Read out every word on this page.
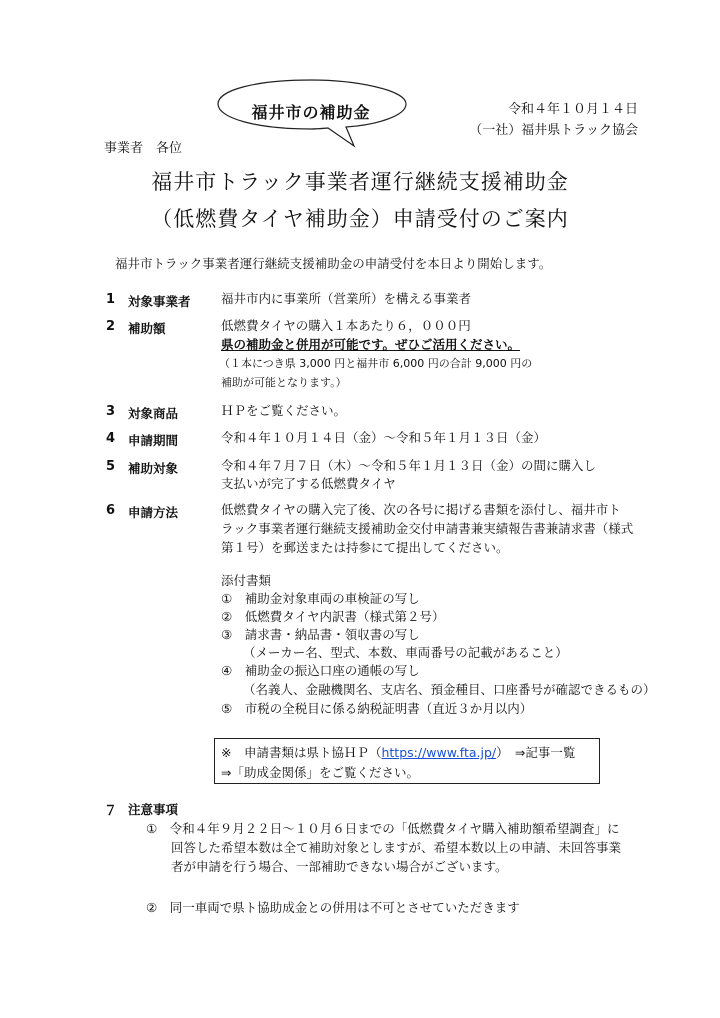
福井市の補助金	令和４年１０月１４日
（一社）福井県トラック協会
事業者　各位
福井市トラック事業者運行継続支援補助金
（低燃費タイヤ補助金）申請受付のご案内
福井市トラック事業者運行継続支援補助金の申請受付を本日より開始します。
1 対象事業者 福井市内に事業所（営業所）を構える事業者
2 補助額	低燃費タイヤの購入１本あたり６，０００円
県の補助金と併用が可能です。ぜひご活用ください。
（１本につき県 3,000 円と福井市 6,000 円の合計 9,000 円の
補助が可能となります。）
3 対象商品	ＨＰをご覧ください。
4 申請期間	令和４年１０月１４日（金）～令和５年１月１３日（金）
5 補助対象	令和４年７月７日（木）～令和５年１月１３日（金）の間に購入し
支払いが完了する低燃費タイヤ
6 申請方法	低燃費タイヤの購入完了後、次の各号に掲げる書類を添付し、福井市ト
ラック事業者運行継続支援補助金交付申請書兼実績報告書兼請求書（様式
第１号）を郵送または持参にて提出してください。
添付書類
①　補助金対象車両の車検証の写し
②　低燃費タイヤ内訳書（様式第２号）
③　請求書・納品書・領収書の写し
（メーカー名、型式、本数、車両番号の記載があること）
④　補助金の振込口座の通帳の写し
（名義人、金融機関名、支店名、預金種目、口座番号が確認できるもの）
⑤　市税の全税目に係る納税証明書（直近３か月以内）
※　申請書類は県ト協ＨＰ（https://www.fta.jp/）　⇒記事一覧
⇒「助成金関係」をご覧ください。
７ 注意事項
①　令和４年９月２２日～１０月６日までの「低燃費タイヤ購入補助額希望調査」に
回答した希望本数は全て補助対象としますが、希望本数以上の申請、未回答事業
者が申請を行う場合、一部補助できない場合がございます。
②　同一車両で県ト協助成金との併用は不可とさせていただきます
